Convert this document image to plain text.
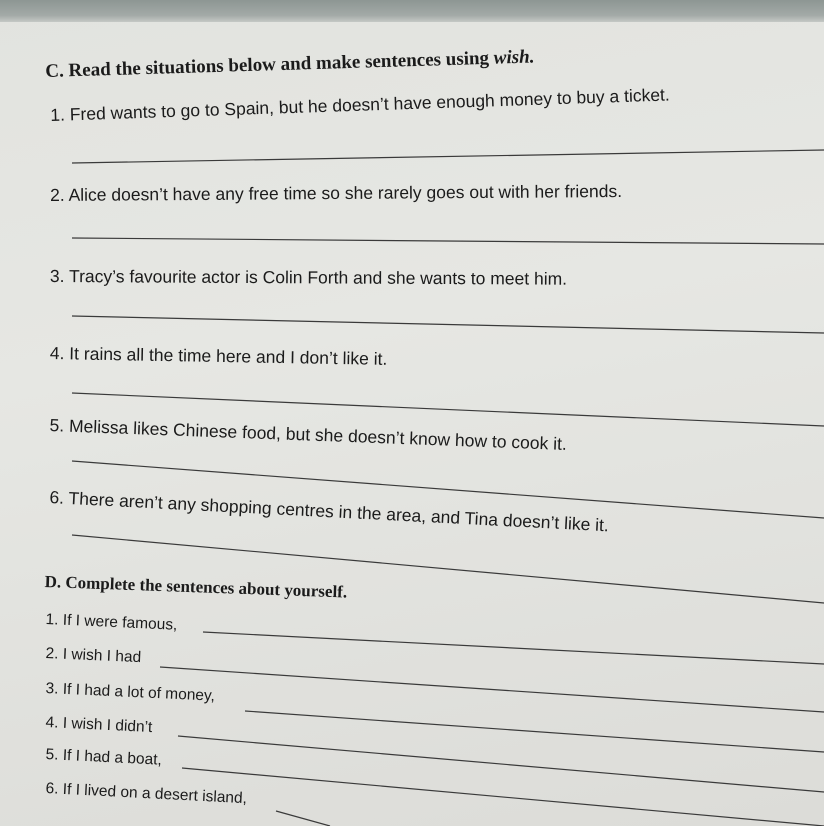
C. Read the situations below and make sentences using wish.
1. Fred wants to go to Spain, but he doesn’t have enough money to buy a ticket.
2. Alice doesn’t have any free time so she rarely goes out with her friends.
3. Tracy’s favourite actor is Colin Forth and she wants to meet him.
4. It rains all the time here and I don’t like it.
5. Melissa likes Chinese food, but she doesn’t know how to cook it.
6. There aren’t any shopping centres in the area, and Tina doesn’t like it.
D. Complete the sentences about yourself.
1. If I were famous,
2. I wish I had
3. If I had a lot of money,
4. I wish I didn’t
5. If I had a boat,
6. If I lived on a desert island,
